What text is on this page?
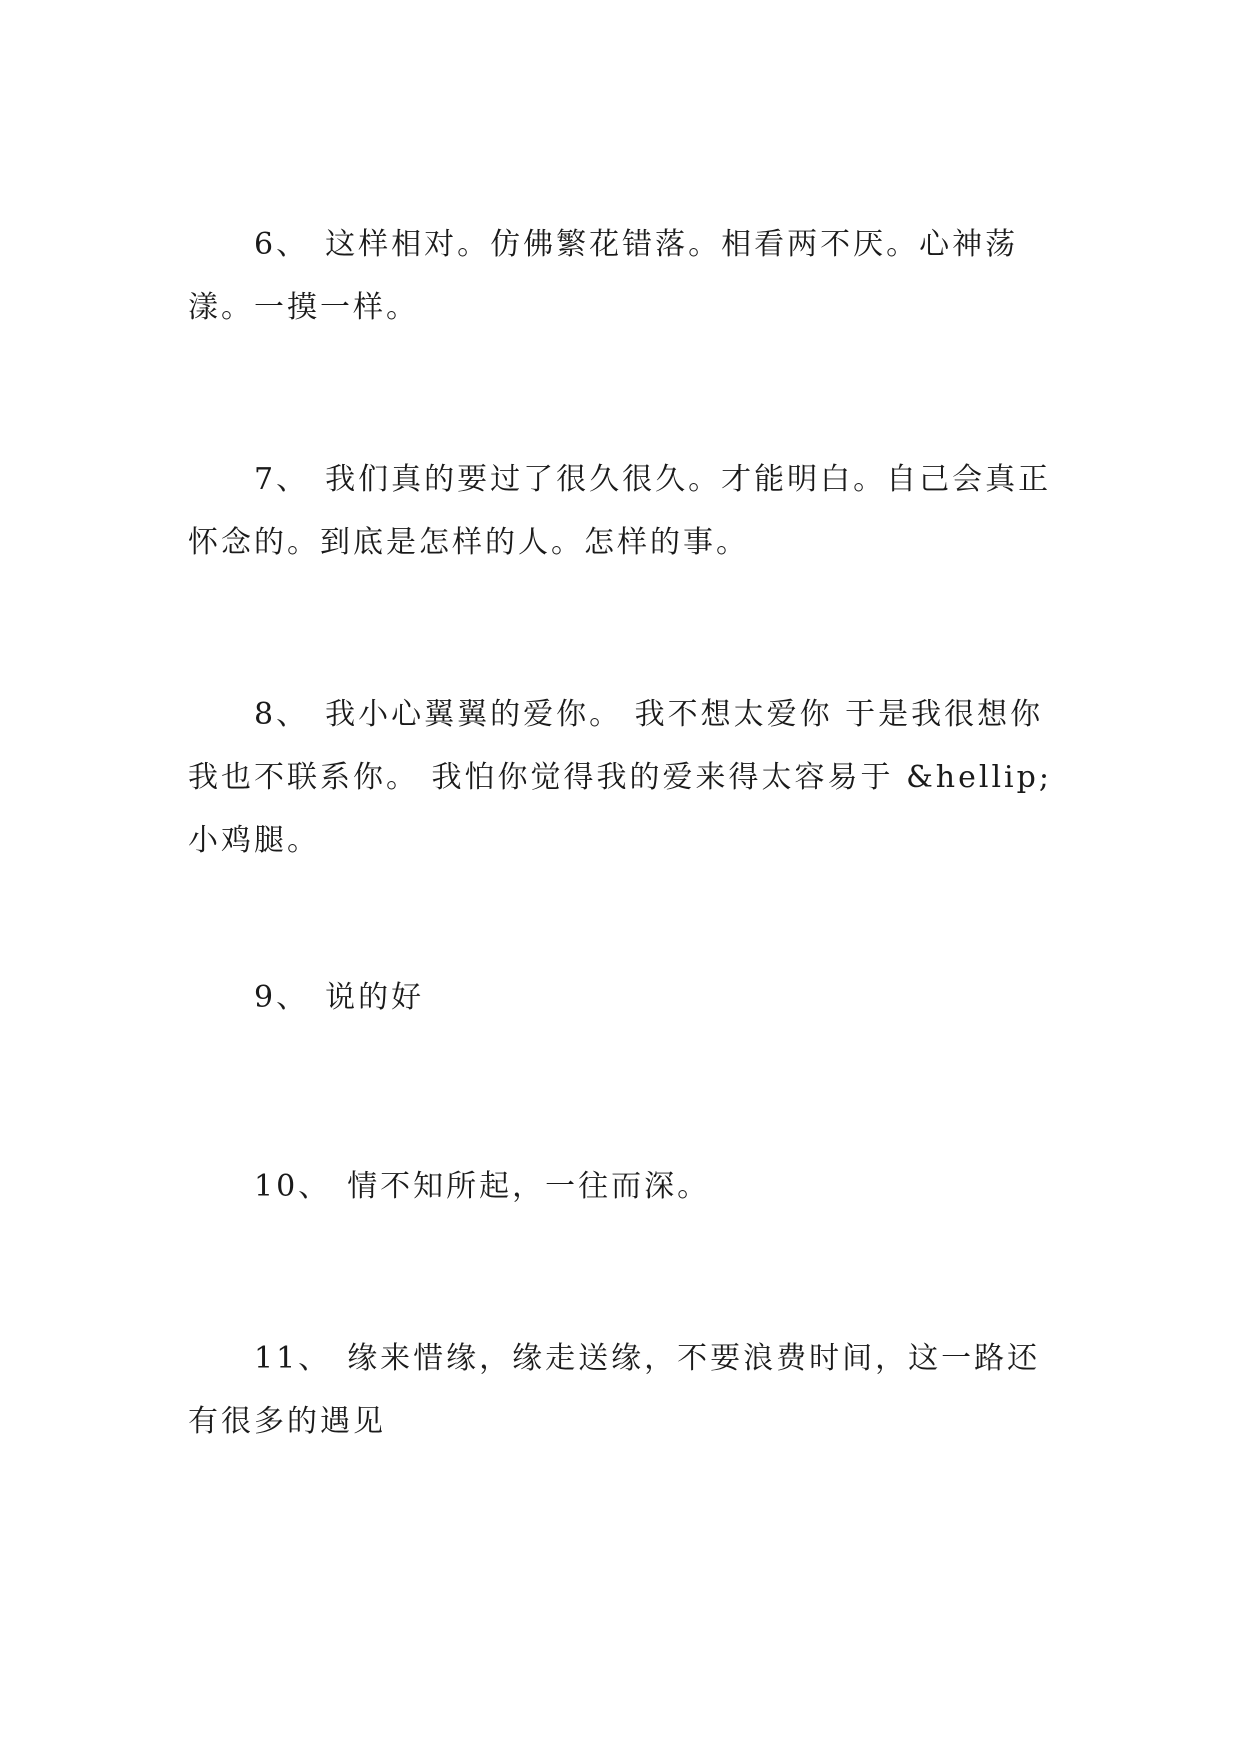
6、 这样相对。仿佛繁花错落。相看两不厌。心神荡漾。一摸一样。

7、 我们真的要过了很久很久。才能明白。自己会真正怀念的。到底是怎样的人。怎样的事。

8、 我小心翼翼的爱你。 我不想太爱你 于是我很想你我也不联系你。 我怕你觉得我的爱来得太容易于 &hellip;小鸡腿。

9、 说的好

10、 情不知所起，一往而深。

11、 缘来惜缘，缘走送缘，不要浪费时间，这一路还有很多的遇见
